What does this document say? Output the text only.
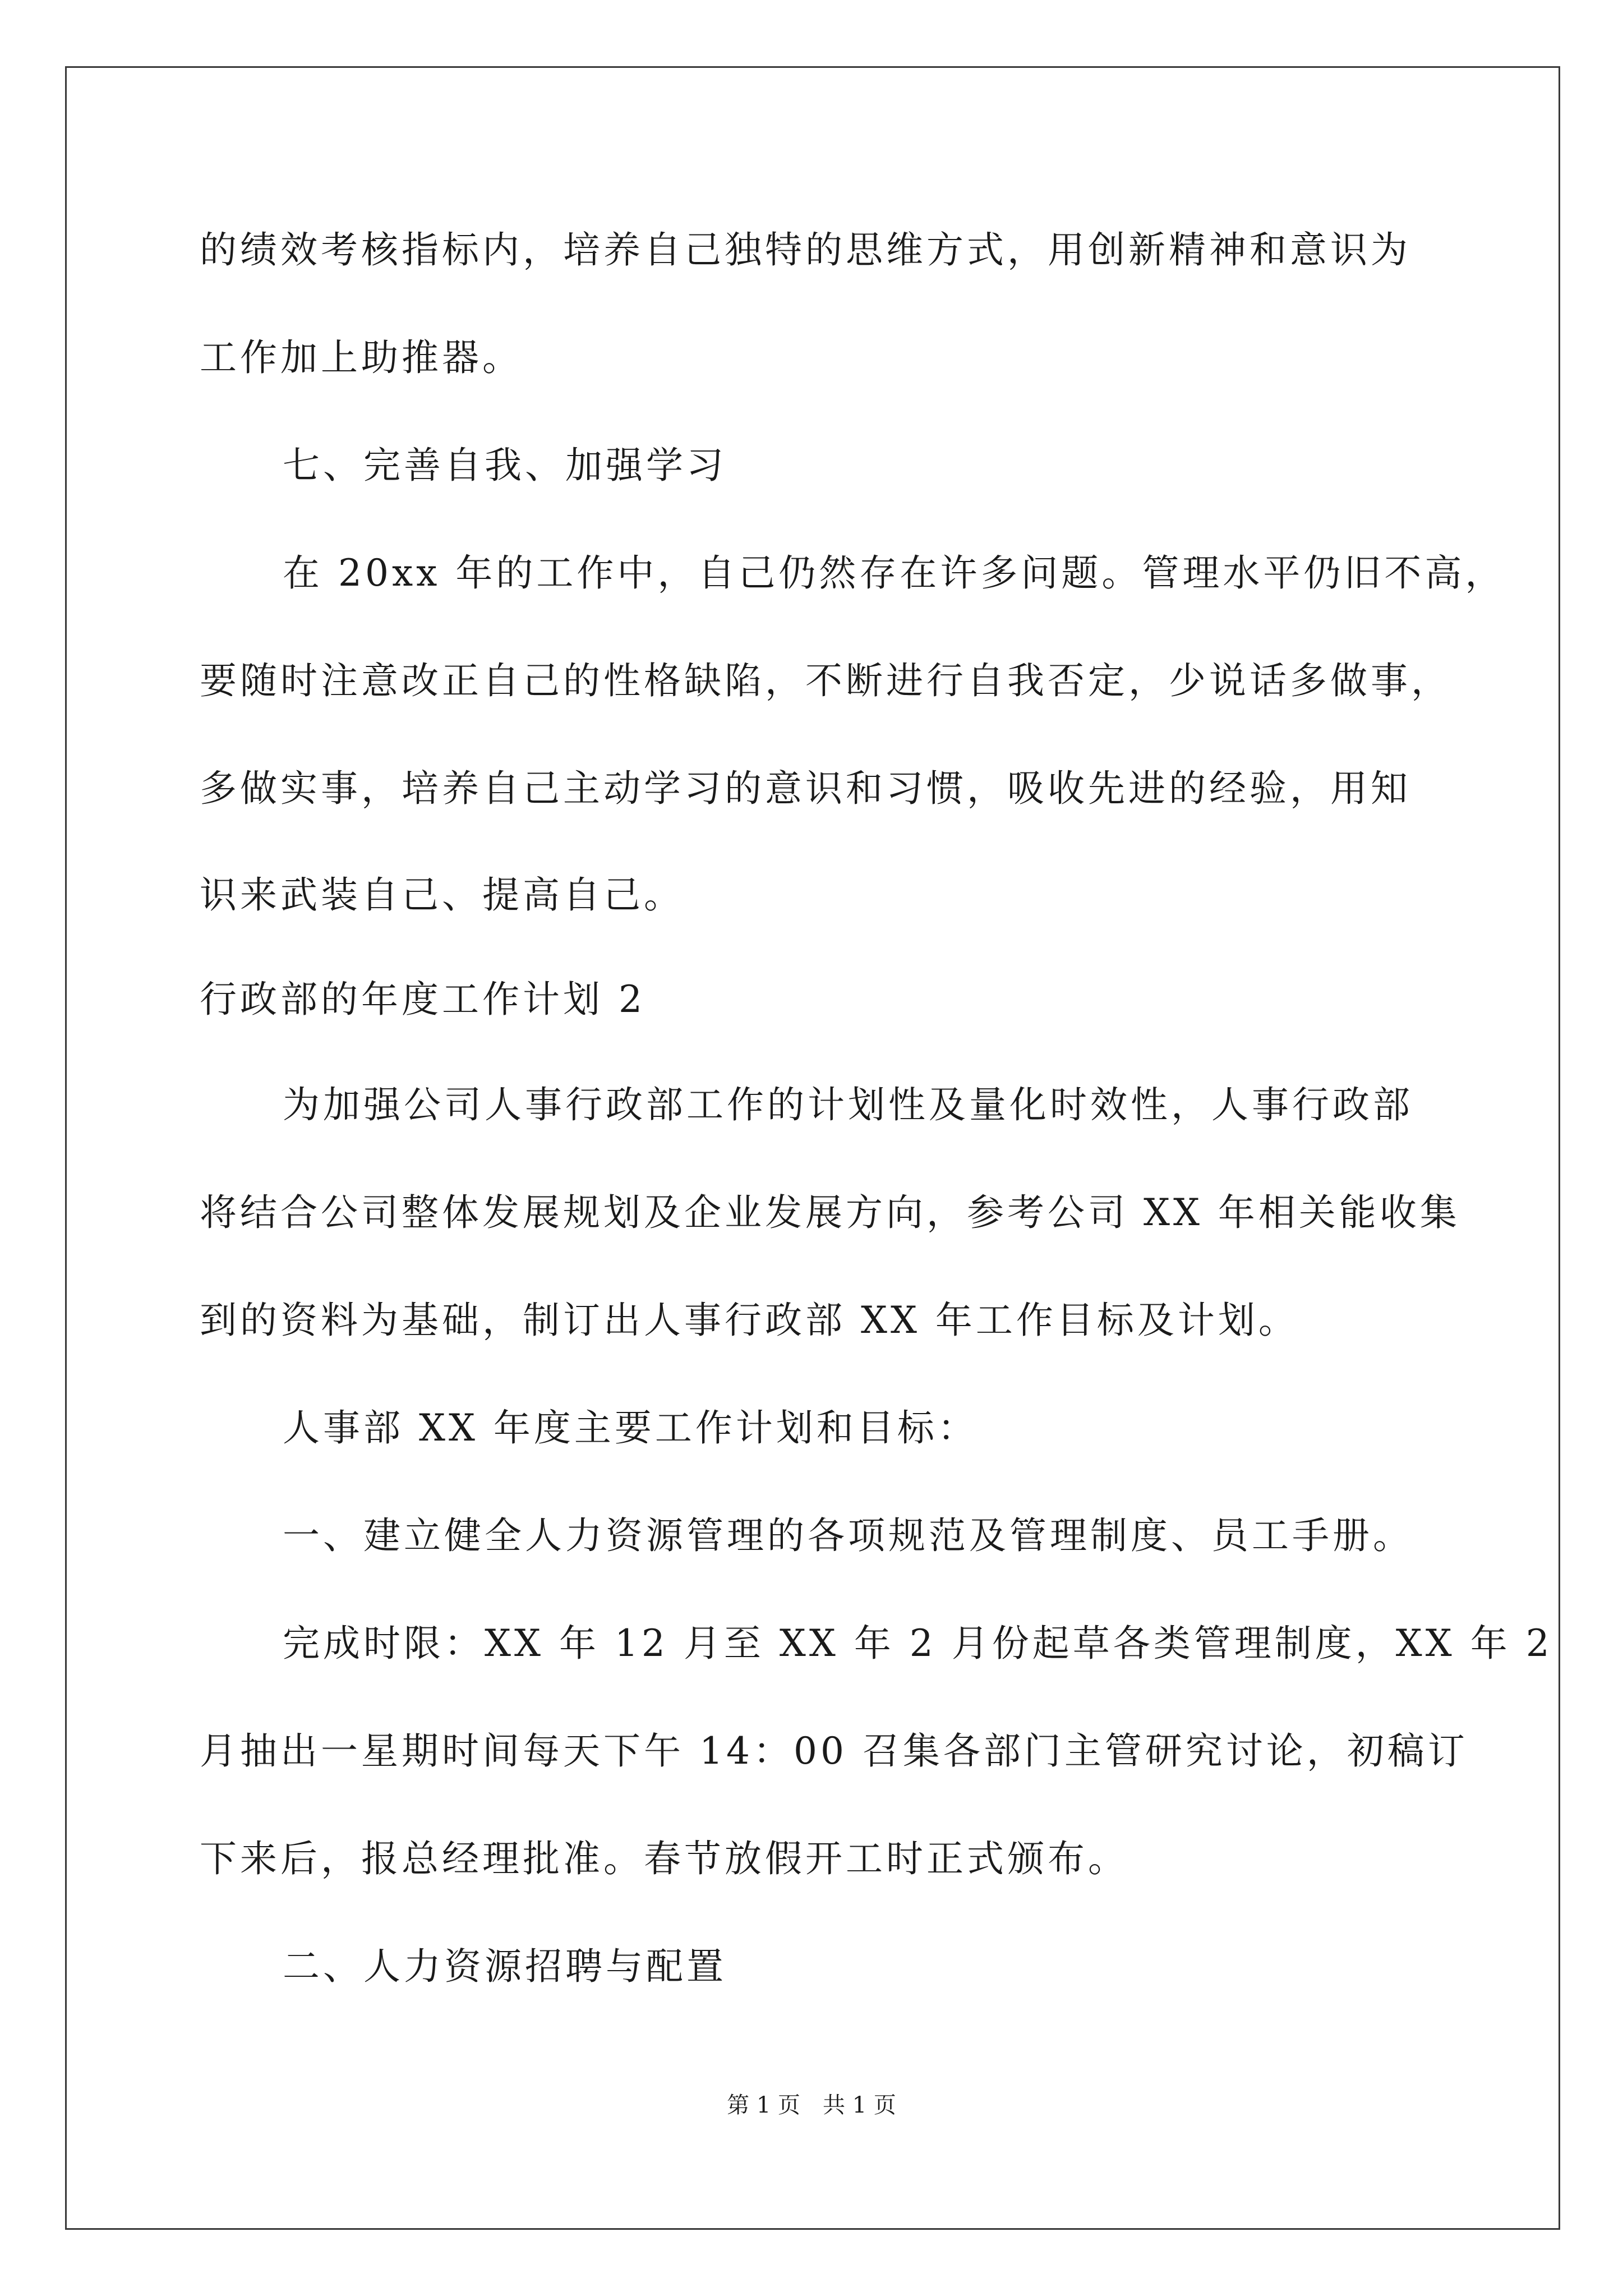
的绩效考核指标内，培养自己独特的思维方式，用创新精神和意识为
工作加上助推器。
七、完善自我、加强学习
在 20xx 年的工作中，自己仍然存在许多问题。管理水平仍旧不高，
要随时注意改正自己的性格缺陷，不断进行自我否定，少说话多做事，
多做实事，培养自己主动学习的意识和习惯，吸收先进的经验，用知
识来武装自己、提高自己。
行政部的年度工作计划 2
为加强公司人事行政部工作的计划性及量化时效性，人事行政部
将结合公司整体发展规划及企业发展方向，参考公司 XX 年相关能收集
到的资料为基础，制订出人事行政部 XX 年工作目标及计划。
人事部 XX 年度主要工作计划和目标：
一、建立健全人力资源管理的各项规范及管理制度、员工手册。
完成时限：XX 年 12 月至 XX 年 2 月份起草各类管理制度，XX 年 2
月抽出一星期时间每天下午 14：00 召集各部门主管研究讨论，初稿订
下来后，报总经理批准。春节放假开工时正式颁布。
二、人力资源招聘与配置
第 1 页　共 1 页
